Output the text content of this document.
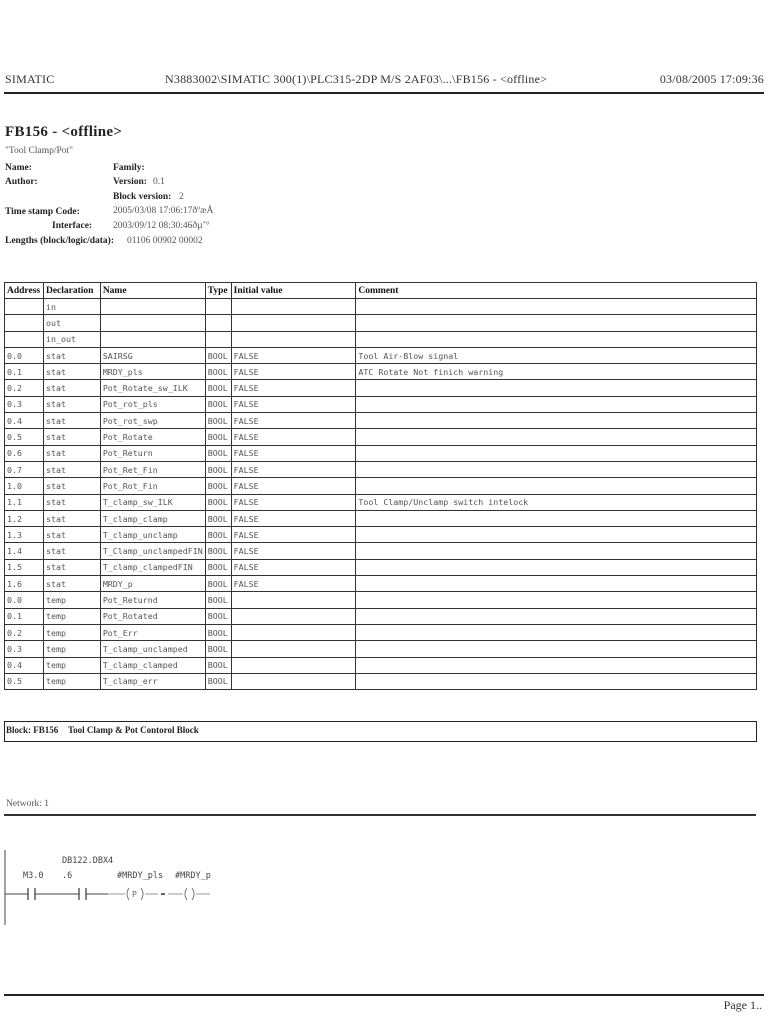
SIMATIC	N3883002\SIMATIC 300(1)\PLC315-2DP M/S 2AF03\...\FB156 - <offline>	03/08/2005 17:09:36
FB156 - <offline>
"Tool Clamp/Pot"
Name:	Family:
Author:	Version: 0.1
Block version: 2
Time stamp Code:	2005/03/08 17:06:17ðºæÅ
Interface: 2003/09/12 08:30:46ðµˆ°
Lengths (block/logic/data): 01106 00902 00002
Address	Declaration	Name	Type	Initial value	Comment
	in				
	out				
	in_out				
0.0	stat	SAIRSG	BOOL	FALSE	Tool Air-Blow signal
0.1	stat	MRDY_pls	BOOL	FALSE	ATC Rotate Not finich warning
0.2	stat	Pot_Rotate_sw_ILK	BOOL	FALSE	
0.3	stat	Pot_rot_pls	BOOL	FALSE	
0.4	stat	Pot_rot_swp	BOOL	FALSE	
0.5	stat	Pot_Rotate	BOOL	FALSE	
0.6	stat	Pot_Return	BOOL	FALSE	
0.7	stat	Pot_Ret_Fin	BOOL	FALSE	
1.0	stat	Pot_Rot_Fin	BOOL	FALSE	
1.1	stat	T_clamp_sw_ILK	BOOL	FALSE	Tool Clamp/Unclamp switch intelock
1.2	stat	T_clamp_clamp	BOOL	FALSE	
1.3	stat	T_clamp_unclamp	BOOL	FALSE	
1.4	stat	T_Clamp_unclampedFIN	BOOL	FALSE	
1.5	stat	T_clamp_clampedFIN	BOOL	FALSE	
1.6	stat	MRDY_p	BOOL	FALSE	
0.0	temp	Pot_Returnd	BOOL		
0.1	temp	Pot_Rotated	BOOL		
0.2	temp	Pot_Err	BOOL		
0.3	temp	T_clamp_unclamped	BOOL		
0.4	temp	T_clamp_clamped	BOOL		
0.5	temp	T_clamp_err	BOOL		
Block: FB156 Tool Clamp & Pot Contorol Block
Network: 1
M3.0
DB122.DBX4
.6	#MRDY_pls #MRDY_p
P
Page 1..
